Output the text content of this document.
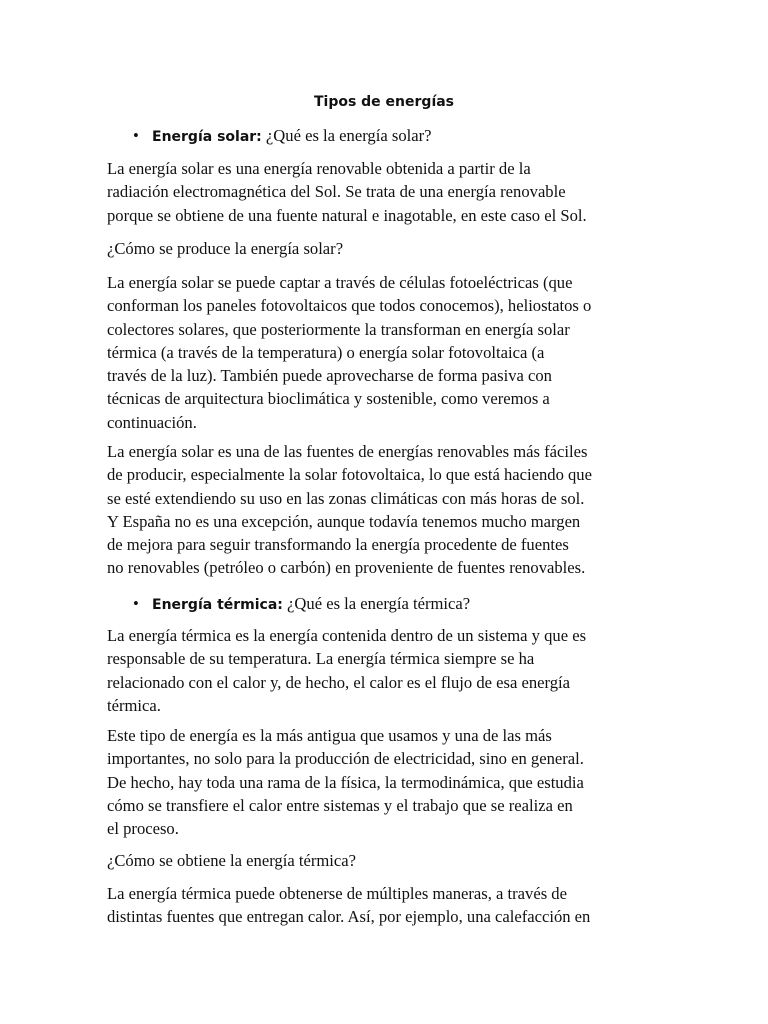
Tipos de energías
• Energía solar: ¿Qué es la energía solar?
La energía solar es una energía renovable obtenida a partir de la
radiación electromagnética del Sol. Se trata de una energía renovable
porque se obtiene de una fuente natural e inagotable, en este caso el Sol.
¿Cómo se produce la energía solar?
La energía solar se puede captar a través de células fotoeléctricas (que
conforman los paneles fotovoltaicos que todos conocemos), heliostatos o
colectores solares, que posteriormente la transforman en energía solar
térmica (a través de la temperatura) o energía solar fotovoltaica (a
través de la luz). También puede aprovecharse de forma pasiva con
técnicas de arquitectura bioclimática y sostenible, como veremos a
continuación.
La energía solar es una de las fuentes de energías renovables más fáciles
de producir, especialmente la solar fotovoltaica, lo que está haciendo que
se esté extendiendo su uso en las zonas climáticas con más horas de sol.
Y España no es una excepción, aunque todavía tenemos mucho margen
de mejora para seguir transformando la energía procedente de fuentes
no renovables (petróleo o carbón) en proveniente de fuentes renovables.
• Energía térmica: ¿Qué es la energía térmica?
La energía térmica es la energía contenida dentro de un sistema y que es
responsable de su temperatura. La energía térmica siempre se ha
relacionado con el calor y, de hecho, el calor es el flujo de esa energía
térmica.
Este tipo de energía es la más antigua que usamos y una de las más
importantes, no solo para la producción de electricidad, sino en general.
De hecho, hay toda una rama de la física, la termodinámica, que estudia
cómo se transfiere el calor entre sistemas y el trabajo que se realiza en
el proceso.
¿Cómo se obtiene la energía térmica?
La energía térmica puede obtenerse de múltiples maneras, a través de
distintas fuentes que entregan calor. Así, por ejemplo, una calefacción en
